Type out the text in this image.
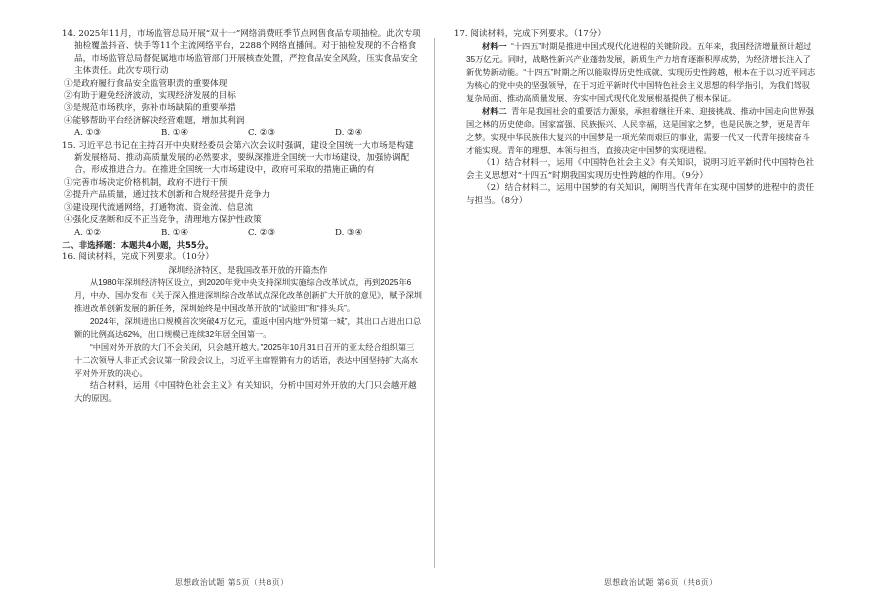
14. 2025年11月，市场监管总局开展“双十一”网络消费旺季节点网售食品专项抽检。此次专项抽检覆盖抖音、快手等11个主流网络平台，2288个网络直播间。对于抽检发现的不合格食品，市场监管总局督促属地市场监管部门开展核查处置，严控食品安全风险，压实食品安全主体责任。此次专项行动

①是政府履行食品安全监管职责的重要体现

②有助于避免经济波动，实现经济发展的目标

③是规范市场秩序，弥补市场缺陷的重要举措

④能够帮助平台经济解决经营难题，增加其利润

A. ①③	B. ①④	C. ②③	D. ②④

15. 习近平总书记在主持召开中央财经委员会第六次会议时强调，建设全国统一大市场是构建新发展格局、推动高质量发展的必然要求，要纵深推进全国统一大市场建设，加强协调配合，形成推进合力。在推进全国统一大市场建设中，政府可采取的措施正确的有

①完善市场决定价格机制，政府不进行干预

②提升产品质量，通过技术创新和合规经营提升竞争力

③建设现代流通网络，打通物流、资金流、信息流

④强化反垄断和反不正当竞争，清理地方保护性政策

A. ①②	B. ①④	C. ②③	D. ③④

二、非选择题：本题共4小题，共55分。

16. 阅读材料，完成下列要求。（10分）

深圳经济特区，是我国改革开放的开篇杰作

从1980年深圳经济特区设立，到2020年党中央支持深圳实施综合改革试点，再到2025年6月，中办、国办发布《关于深入推进深圳综合改革试点深化改革创新扩大开放的意见》，赋予深圳推进改革创新发展的新任务，深圳始终是中国改革开放的“试验田”和“排头兵”。

2024年，深圳进出口规模首次突破4万亿元，重返中国内地“外贸第一城”，其出口占进出口总额的比例高达62%，出口规模已连续32年居全国第一。

“中国对外开放的大门不会关闭，只会越开越大。”2025年10月31日召开的亚太经合组织第三十二次领导人非正式会议第一阶段会议上，习近平主席铿锵有力的话语，表达中国坚持扩大高水平对外开放的决心。

结合材料，运用《中国特色社会主义》有关知识，分析中国对外开放的大门只会越开越大的原因。

思想政治试题 第5页（共8页）

17. 阅读材料，完成下列要求。（17分）

材料一 “十四五”时期是推进中国式现代化进程的关键阶段。五年来，我国经济增量预计超过35万亿元。同时，战略性新兴产业蓬勃发展，新质生产力培育逐渐积厚成势，为经济增长注入了新优势新动能。“十四五”时期之所以能取得历史性成就、实现历史性跨越，根本在于以习近平同志为核心的党中央的坚强领导，在于习近平新时代中国特色社会主义思想的科学指引，为我们驾驭复杂局面、推动高质量发展、夯实中国式现代化发展根基提供了根本保证。

材料二 青年是我国社会的重要活力源泉，承担着继往开来、迎接挑战、推动中国走向世界强国之林的历史使命。国家富强、民族振兴、人民幸福，这是国家之梦，也是民族之梦，更是青年之梦。实现中华民族伟大复兴的中国梦是一项光荣而艰巨的事业，需要一代又一代青年接续奋斗才能实现。青年的理想、本领与担当，直接决定中国梦的实现进程。

（1）结合材料一，运用《中国特色社会主义》有关知识，说明习近平新时代中国特色社会主义思想对“十四五”时期我国实现历史性跨越的作用。（9分）

（2）结合材料二，运用中国梦的有关知识，阐明当代青年在实现中国梦的进程中的责任与担当。（8分）

思想政治试题 第6页（共8页）
